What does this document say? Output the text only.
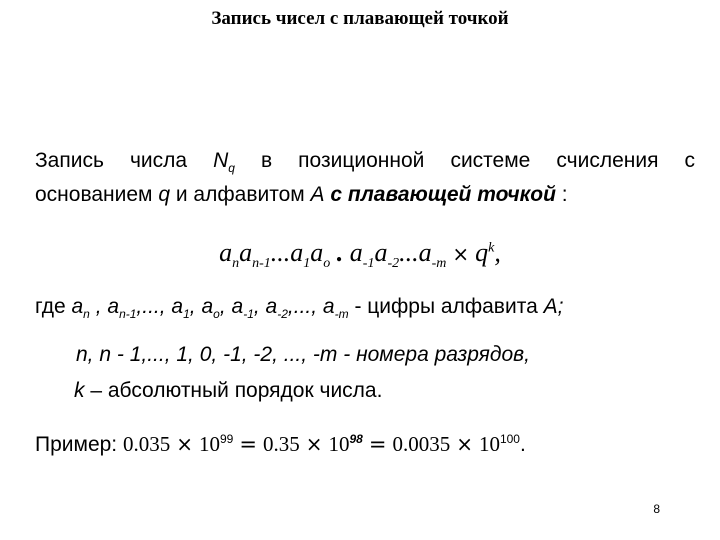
Запись чисел с плавающей точкой
Запись числа $N_q$ в позиционной системе счисления с
основанием q и алфавитом A с плавающей точкой :
$a_na_{n-1}...a_1a_o$ . $a_{-1}a_{-2}...a_{-m} \times q^k$,
где $a_n$ , $a_{n-1}$,..., $a_1$, $a_o$, $a_{-1}$, $a_{-2}$,..., $a_{-m}$ - цифры алфавита A;
n, n - 1,..., 1, 0, -1, -2, ..., -m - номера разрядов,
k – абсолютный порядок числа.
Пример: $0.035 \times 10^{99} = 0.35 \times 10^{98} = 0.0035 \times 10^{100}$.
8
